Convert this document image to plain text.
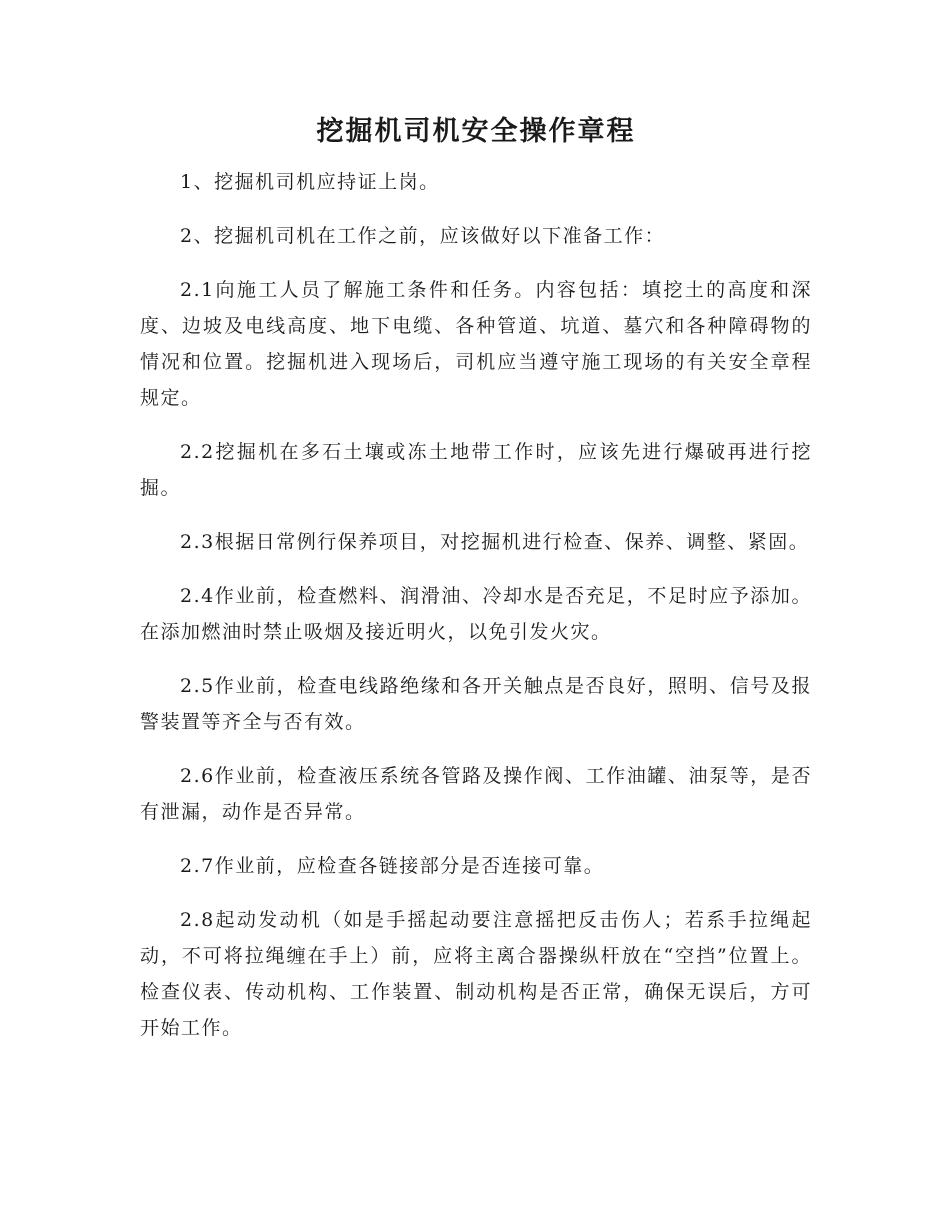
挖掘机司机安全操作章程

1、挖掘机司机应持证上岗。

2、挖掘机司机在工作之前，应该做好以下准备工作：

2.1向施工人员了解施工条件和任务。内容包括：填挖土的高度和深度、边坡及电线高度、地下电缆、各种管道、坑道、墓穴和各种障碍物的情况和位置。挖掘机进入现场后，司机应当遵守施工现场的有关安全章程规定。

2.2挖掘机在多石土壤或冻土地带工作时，应该先进行爆破再进行挖掘。

2.3根据日常例行保养项目，对挖掘机进行检查、保养、调整、紧固。

2.4作业前，检查燃料、润滑油、冷却水是否充足，不足时应予添加。在添加燃油时禁止吸烟及接近明火，以免引发火灾。

2.5作业前，检查电线路绝缘和各开关触点是否良好，照明、信号及报警装置等齐全与否有效。

2.6作业前，检查液压系统各管路及操作阀、工作油罐、油泵等，是否有泄漏，动作是否异常。

2.7作业前，应检查各链接部分是否连接可靠。

2.8起动发动机（如是手摇起动要注意摇把反击伤人；若系手拉绳起动，不可将拉绳缠在手上）前，应将主离合器操纵杆放在“空挡”位置上。检查仪表、传动机构、工作装置、制动机构是否正常，确保无误后，方可开始工作。
